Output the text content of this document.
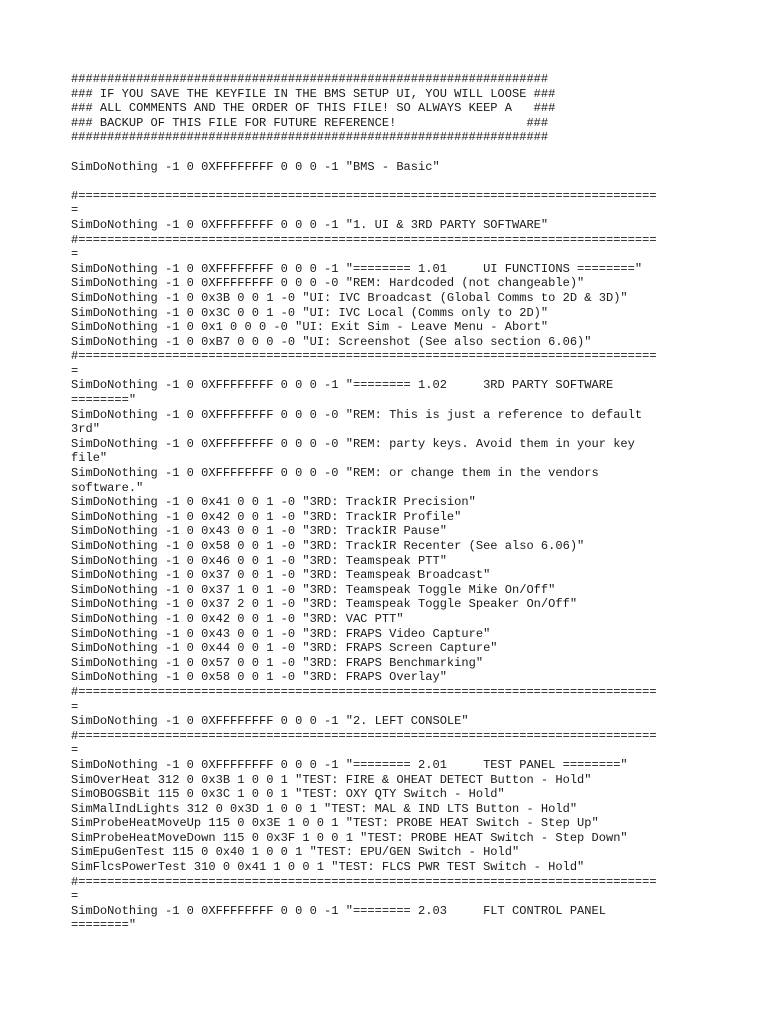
##################################################################
### IF YOU SAVE THE KEYFILE IN THE BMS SETUP UI, YOU WILL LOOSE ###
### ALL COMMENTS AND THE ORDER OF THIS FILE! SO ALWAYS KEEP A   ###
### BACKUP OF THIS FILE FOR FUTURE REFERENCE!                  ###
##################################################################
SimDoNothing -1 0 0XFFFFFFFF 0 0 0 -1 "BMS - Basic"
#================================================================================
=
SimDoNothing -1 0 0XFFFFFFFF 0 0 0 -1 "1. UI & 3RD PARTY SOFTWARE"
#================================================================================
=
SimDoNothing -1 0 0XFFFFFFFF 0 0 0 -1 "======== 1.01     UI FUNCTIONS ========"
SimDoNothing -1 0 0XFFFFFFFF 0 0 0 -0 "REM: Hardcoded (not changeable)"
SimDoNothing -1 0 0x3B 0 0 1 -0 "UI: IVC Broadcast (Global Comms to 2D & 3D)"
SimDoNothing -1 0 0x3C 0 0 1 -0 "UI: IVC Local (Comms only to 2D)"
SimDoNothing -1 0 0x1 0 0 0 -0 "UI: Exit Sim - Leave Menu - Abort"
SimDoNothing -1 0 0xB7 0 0 0 -0 "UI: Screenshot (See also section 6.06)"
#================================================================================
=
SimDoNothing -1 0 0XFFFFFFFF 0 0 0 -1 "======== 1.02     3RD PARTY SOFTWARE
========"
SimDoNothing -1 0 0XFFFFFFFF 0 0 0 -0 "REM: This is just a reference to default
3rd"
SimDoNothing -1 0 0XFFFFFFFF 0 0 0 -0 "REM: party keys. Avoid them in your key
file"
SimDoNothing -1 0 0XFFFFFFFF 0 0 0 -0 "REM: or change them in the vendors
software."
SimDoNothing -1 0 0x41 0 0 1 -0 "3RD: TrackIR Precision"
SimDoNothing -1 0 0x42 0 0 1 -0 "3RD: TrackIR Profile"
SimDoNothing -1 0 0x43 0 0 1 -0 "3RD: TrackIR Pause"
SimDoNothing -1 0 0x58 0 0 1 -0 "3RD: TrackIR Recenter (See also 6.06)"
SimDoNothing -1 0 0x46 0 0 1 -0 "3RD: Teamspeak PTT"
SimDoNothing -1 0 0x37 0 0 1 -0 "3RD: Teamspeak Broadcast"
SimDoNothing -1 0 0x37 1 0 1 -0 "3RD: Teamspeak Toggle Mike On/Off"
SimDoNothing -1 0 0x37 2 0 1 -0 "3RD: Teamspeak Toggle Speaker On/Off"
SimDoNothing -1 0 0x42 0 0 1 -0 "3RD: VAC PTT"
SimDoNothing -1 0 0x43 0 0 1 -0 "3RD: FRAPS Video Capture"
SimDoNothing -1 0 0x44 0 0 1 -0 "3RD: FRAPS Screen Capture"
SimDoNothing -1 0 0x57 0 0 1 -0 "3RD: FRAPS Benchmarking"
SimDoNothing -1 0 0x58 0 0 1 -0 "3RD: FRAPS Overlay"
#================================================================================
=
SimDoNothing -1 0 0XFFFFFFFF 0 0 0 -1 "2. LEFT CONSOLE"
#================================================================================
=
SimDoNothing -1 0 0XFFFFFFFF 0 0 0 -1 "======== 2.01     TEST PANEL ========"
SimOverHeat 312 0 0x3B 1 0 0 1 "TEST: FIRE & OHEAT DETECT Button - Hold"
SimOBOGSBit 115 0 0x3C 1 0 0 1 "TEST: OXY QTY Switch - Hold"
SimMalIndLights 312 0 0x3D 1 0 0 1 "TEST: MAL & IND LTS Button - Hold"
SimProbeHeatMoveUp 115 0 0x3E 1 0 0 1 "TEST: PROBE HEAT Switch - Step Up"
SimProbeHeatMoveDown 115 0 0x3F 1 0 0 1 "TEST: PROBE HEAT Switch - Step Down"
SimEpuGenTest 115 0 0x40 1 0 0 1 "TEST: EPU/GEN Switch - Hold"
SimFlcsPowerTest 310 0 0x41 1 0 0 1 "TEST: FLCS PWR TEST Switch - Hold"
#================================================================================
=
SimDoNothing -1 0 0XFFFFFFFF 0 0 0 -1 "======== 2.03     FLT CONTROL PANEL
========"
